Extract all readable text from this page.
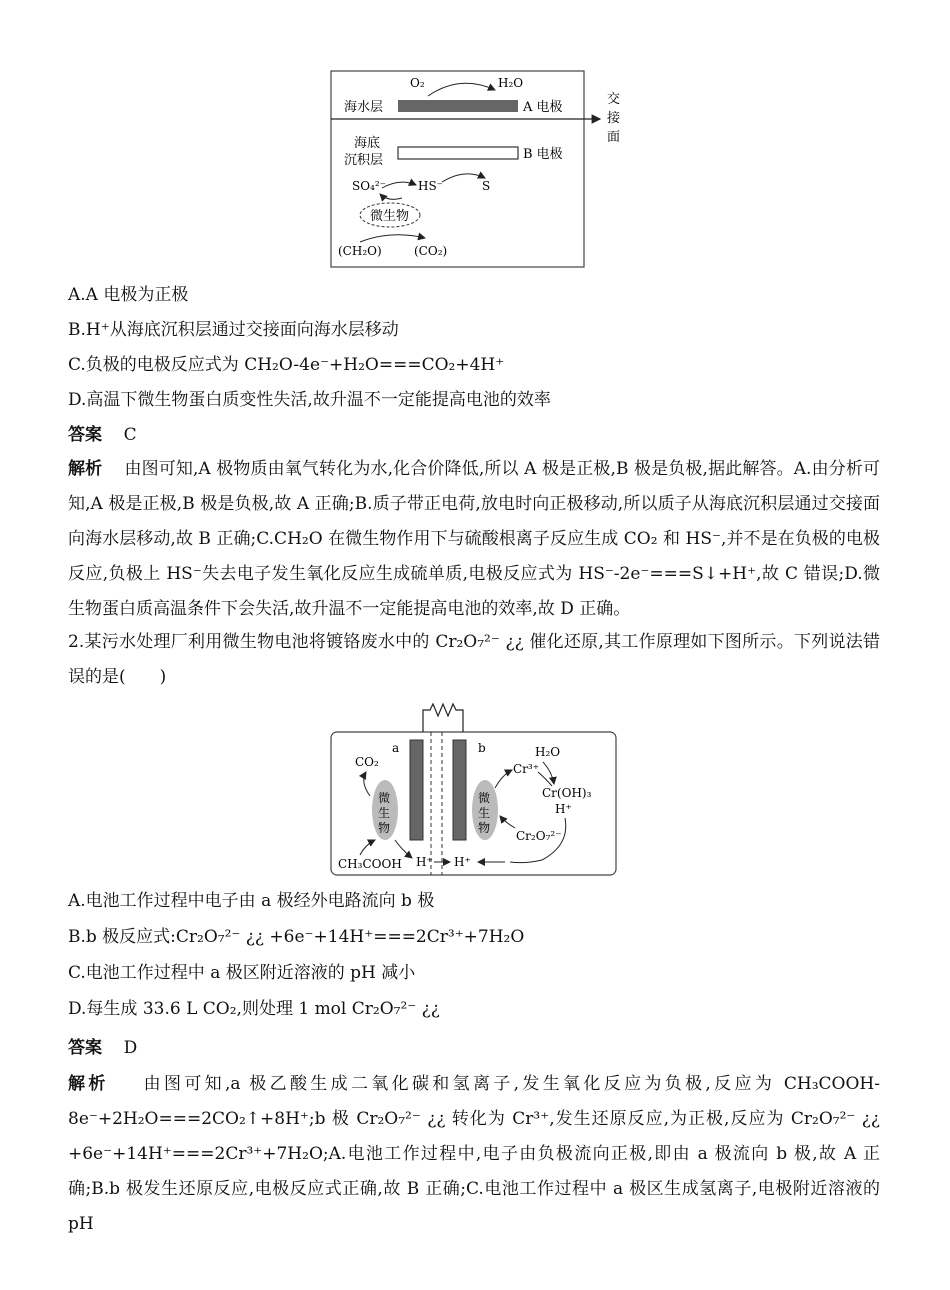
O₂	H₂O
海水层	A 电极
交
接
面
海底
沉积层	B 电极
SO₄²⁻	HS⁻	S
微生物
(CH₂O)	(CO₂)
A.A 电极为正极
B.H⁺从海底沉积层通过交接面向海水层移动
C.负极的电极反应式为 CH₂O-4e⁻+H₂O===CO₂+4H⁺
D.高温下微生物蛋白质变性失活,故升温不一定能提高电池的效率
答案 C
解析 由图可知,A 极物质由氧气转化为水,化合价降低,所以 A 极是正极,B 极是负极,据此解答。A.由分析可知,A 极是正极,B 极是负极,故 A 正确;B.质子带正电荷,放电时向正极移动,所以质子从海底沉积层通过交接面向海水层移动,故 B 正确;C.CH₂O 在微生物作用下与硫酸根离子反应生成 CO₂ 和 HS⁻,并不是在负极的电极反应,负极上 HS⁻失去电子发生氧化反应生成硫单质,电极反应式为 HS⁻-2e⁻===S↓+H⁺,故 C 错误;D.微生物蛋白质高温条件下会失活,故升温不一定能提高电池的效率,故 D 正确。
2.某污水处理厂利用微生物电池将镀铬废水中的 Cr₂O₇²⁻ ¿¿ 催化还原,其工作原理如下图所示。下列说法错误的是(　　)
a	b
微
生
物
微
生
物
CO₂
CH₃COOH H⁺ H⁺
H₂O
Cr³⁺
Cr(OH)₃
H⁺
Cr₂O₇²⁻
A.电池工作过程中电子由 a 极经外电路流向 b 极
B.b 极反应式:Cr₂O₇²⁻ ¿¿ +6e⁻+14H⁺===2Cr³⁺+7H₂O
C.电池工作过程中 a 极区附近溶液的 pH 减小
D.每生成 33.6 L CO₂,则处理 1 mol Cr₂O₇²⁻ ¿¿
答案 D
解析 由图可知,a 极乙酸生成二氧化碳和氢离子,发生氧化反应为负极,反应为 CH₃COOH-8e⁻+2H₂O===2CO₂↑+8H⁺;b 极 Cr₂O₇²⁻ ¿¿ 转化为 Cr³⁺,发生还原反应,为正极,反应为 Cr₂O₇²⁻ ¿¿ +6e⁻+14H⁺===2Cr³⁺+7H₂O;A.电池工作过程中,电子由负极流向正极,即由 a 极流向 b 极,故 A 正确;B.b 极发生还原反应,电极反应式正确,故 B 正确;C.电池工作过程中 a 极区生成氢离子,电极附近溶液的 pH
